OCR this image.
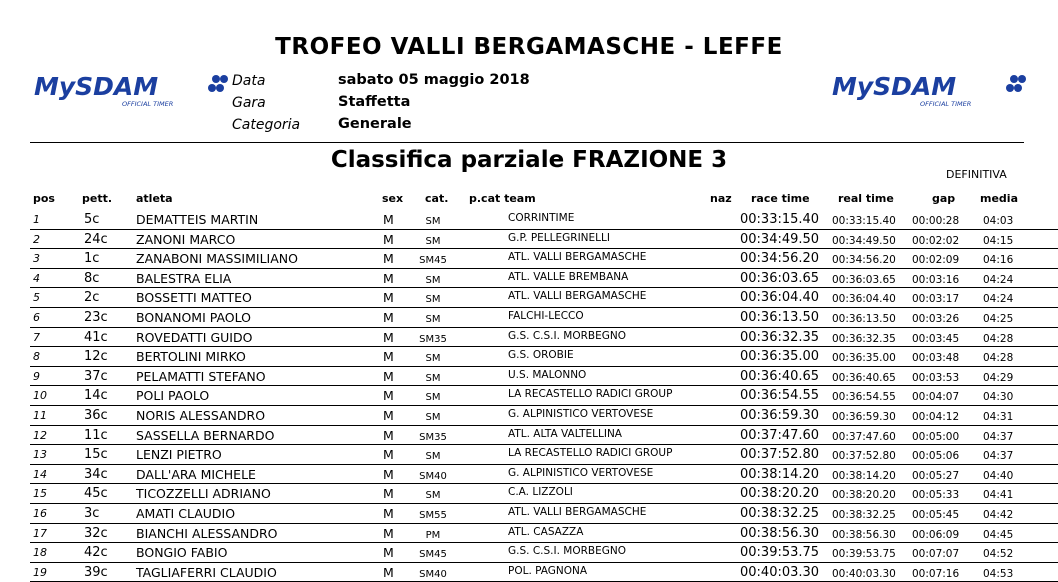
TROFEO VALLI BERGAMASCHE - LEFFE
MySDAM
OFFICIAL TIMER
MySDAM
OFFICIAL TIMER
Data	sabato 05 maggio 2018
Gara	Staffetta
Categoria	Generale
Classifica parziale FRAZIONE 3
DEFINITIVA
pos pett. atleta	sex cat. p.cat team	naz race time	real time	gap media
1	5c	DEMATTEIS MARTIN	M	SM	CORRINTIME	00:33:15.40 00:33:15.40 00:00:28 04:03
2	24c ZANONI MARCO	M	SM	G.P. PELLEGRINELLI	00:34:49.50 00:34:49.50 00:02:02 04:15
3	1c	ZANABONI MASSIMILIANO	M	SM45	ATL. VALLI BERGAMASCHE	00:34:56.20 00:34:56.20 00:02:09 04:16
4	8c	BALESTRA ELIA	M	SM	ATL. VALLE BREMBANA	00:36:03.65 00:36:03.65 00:03:16 04:24
5	2c	BOSSETTI MATTEO	M	SM	ATL. VALLI BERGAMASCHE	00:36:04.40 00:36:04.40 00:03:17 04:24
6	23c BONANOMI PAOLO	M	SM	FALCHI-LECCO	00:36:13.50 00:36:13.50 00:03:26 04:25
7	41c ROVEDATTI GUIDO	M	SM35	G.S. C.S.I. MORBEGNO	00:36:32.35 00:36:32.35 00:03:45 04:28
8	12c BERTOLINI MIRKO	M	SM	G.S. OROBIE	00:36:35.00 00:36:35.00 00:03:48 04:28
9	37c PELAMATTI STEFANO	M	SM	U.S. MALONNO	00:36:40.65 00:36:40.65 00:03:53 04:29
10	14c POLI PAOLO	M	SM	LA RECASTELLO RADICI GROUP	00:36:54.55 00:36:54.55 00:04:07 04:30
11	36c NORIS ALESSANDRO	M	SM	G. ALPINISTICO VERTOVESE	00:36:59.30 00:36:59.30 00:04:12 04:31
12	11c SASSELLA BERNARDO	M	SM35	ATL. ALTA VALTELLINA	00:37:47.60 00:37:47.60 00:05:00 04:37
13	15c LENZI PIETRO	M	SM	LA RECASTELLO RADICI GROUP	00:37:52.80 00:37:52.80 00:05:06 04:37
14	34c DALL'ARA MICHELE	M	SM40	G. ALPINISTICO VERTOVESE	00:38:14.20 00:38:14.20 00:05:27 04:40
15	45c TICOZZELLI ADRIANO	M	SM	C.A. LIZZOLI	00:38:20.20 00:38:20.20 00:05:33 04:41
16	3c	AMATI CLAUDIO	M	SM55	ATL. VALLI BERGAMASCHE	00:38:32.25 00:38:32.25 00:05:45 04:42
17	32c BIANCHI ALESSANDRO	M	PM	ATL. CASAZZA	00:38:56.30 00:38:56.30 00:06:09 04:45
18	42c BONGIO FABIO	M	SM45	G.S. C.S.I. MORBEGNO	00:39:53.75 00:39:53.75 00:07:07 04:52
19	39c TAGLIAFERRI CLAUDIO	M	SM40	POL. PAGNONA	00:40:03.30 00:40:03.30 00:07:16 04:53
